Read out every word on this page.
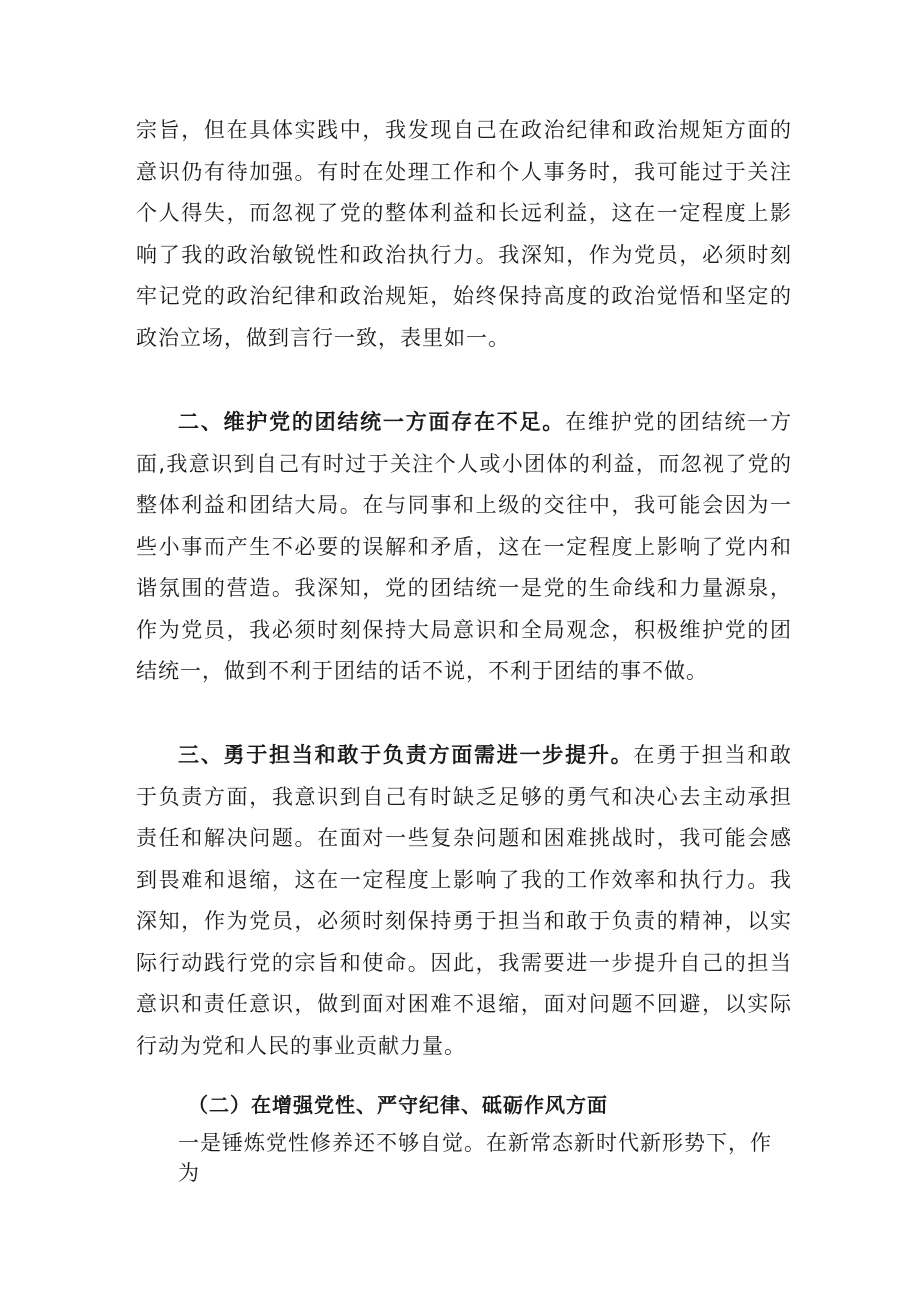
宗旨，但在具体实践中，我发现自己在政治纪律和政治规矩方面的意识仍有待加强。有时在处理工作和个人事务时，我可能过于关注个人得失，而忽视了党的整体利益和长远利益，这在一定程度上影响了我的政治敏锐性和政治执行力。我深知，作为党员，必须时刻牢记党的政治纪律和政治规矩，始终保持高度的政治觉悟和坚定的政治立场，做到言行一致，表里如一。

二、维护党的团结统一方面存在不足。在维护党的团结统一方面,我意识到自己有时过于关注个人或小团体的利益，而忽视了党的整体利益和团结大局。在与同事和上级的交往中，我可能会因为一些小事而产生不必要的误解和矛盾，这在一定程度上影响了党内和谐氛围的营造。我深知，党的团结统一是党的生命线和力量源泉，作为党员，我必须时刻保持大局意识和全局观念，积极维护党的团结统一，做到不利于团结的话不说，不利于团结的事不做。

三、勇于担当和敢于负责方面需进一步提升。在勇于担当和敢于负责方面，我意识到自己有时缺乏足够的勇气和决心去主动承担责任和解决问题。在面对一些复杂问题和困难挑战时，我可能会感到畏难和退缩，这在一定程度上影响了我的工作效率和执行力。我深知，作为党员，必须时刻保持勇于担当和敢于负责的精神，以实际行动践行党的宗旨和使命。因此，我需要进一步提升自己的担当意识和责任意识，做到面对困难不退缩，面对问题不回避，以实际行动为党和人民的事业贡献力量。

（二）在增强党性、严守纪律、砥砺作风方面

一是锤炼党性修养还不够自觉。在新常态新时代新形势下，作为
